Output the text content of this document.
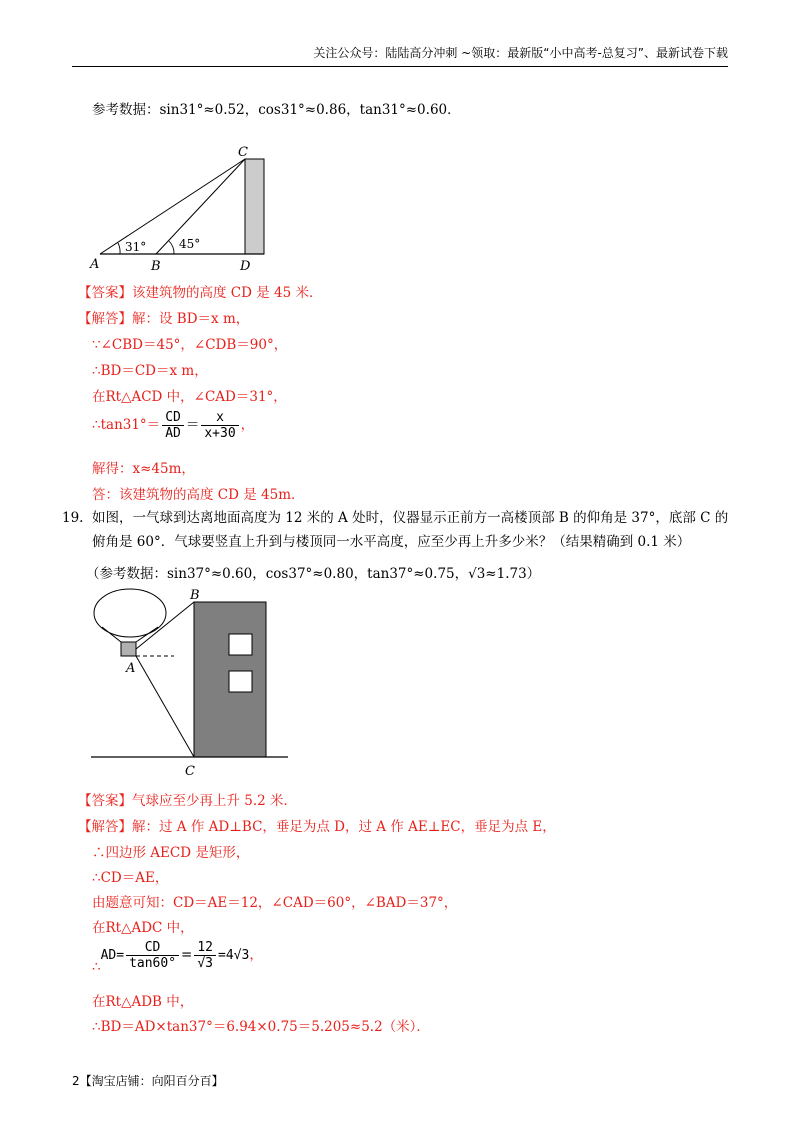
关注公众号：陆陆高分冲刺 ~领取：最新版“小中高考-总复习”、最新试卷下载
参考数据：sin31°≈0.52，cos31°≈0.86，tan31°≈0.60．
C
A	B	D
31°	45°
【答案】该建筑物的高度 CD 是 45 米．
【解答】解：设 BD＝x m，
∵∠CBD＝45°，∠CDB＝90°，
∴BD＝CD＝x m，
在Rt△ACD 中，∠CAD＝31°，
∴tan31°＝ $\frac{CD}{AD} = \frac{x}{x+30}$ ，
解得：x≈45m，
答：该建筑物的高度 CD 是 45m．
19. 如图，一气球到达离地面高度为 12 米的 A 处时，仪器显示正前方一高楼顶部 B 的仰角是 37°，底部 C 的俯角是 60°．气球要竖直上升到与楼顶同一水平高度，应至少再上升多少米？（结果精确到 0.1 米）
（参考数据：sin37°≈0.60，cos37°≈0.80，tan37°≈0.75，√3≈1.73）
B
A
C
【答案】气球应至少再上升 5.2 米．
【解答】解：过 A 作 AD⊥BC，垂足为点 D，过 A 作 AE⊥EC，垂足为点 E，
∴四边形 AECD 是矩形，
∴CD＝AE，
由题意可知：CD＝AE＝12，∠CAD＝60°，∠BAD＝37°，
在Rt△ADC 中，
∴AD= $\frac{CD}{\tan 60^\circ} = \frac{12}{√3} =4√3$，
在Rt△ADB 中，
∴BD＝AD×tan37°＝6.94×0.75＝5.205≈5.2（米）．
2【淘宝店铺：向阳百分百】
